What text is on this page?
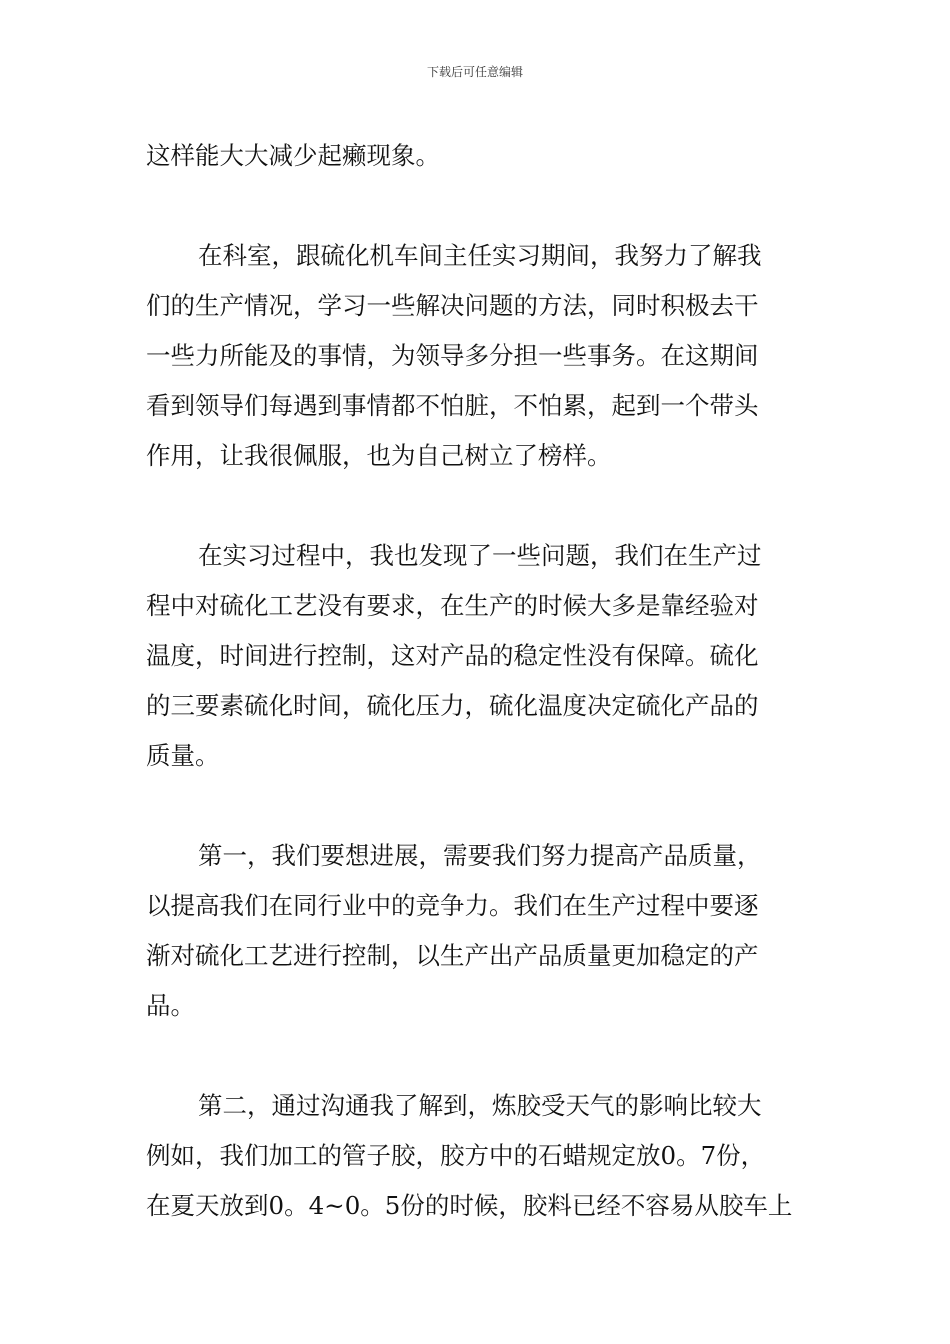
下载后可任意编辑

这样能大大减少起癞现象。

在科室，跟硫化机车间主任实习期间，我努力了解我
们的生产情况，学习一些解决问题的方法，同时积极去干
一些力所能及的事情，为领导多分担一些事务。在这期间
看到领导们每遇到事情都不怕脏，不怕累，起到一个带头
作用，让我很佩服，也为自己树立了榜样。

在实习过程中，我也发现了一些问题，我们在生产过
程中对硫化工艺没有要求，在生产的时候大多是靠经验对
温度，时间进行控制，这对产品的稳定性没有保障。硫化
的三要素硫化时间，硫化压力，硫化温度决定硫化产品的
质量。

第一，我们要想进展，需要我们努力提高产品质量，
以提高我们在同行业中的竞争力。我们在生产过程中要逐
渐对硫化工艺进行控制，以生产出产品质量更加稳定的产
品。

第二，通过沟通我了解到，炼胶受天气的影响比较大
例如，我们加工的管子胶，胶方中的石蜡规定放0。7份，
在夏天放到0。4~0。5份的时候，胶料已经不容易从胶车上
